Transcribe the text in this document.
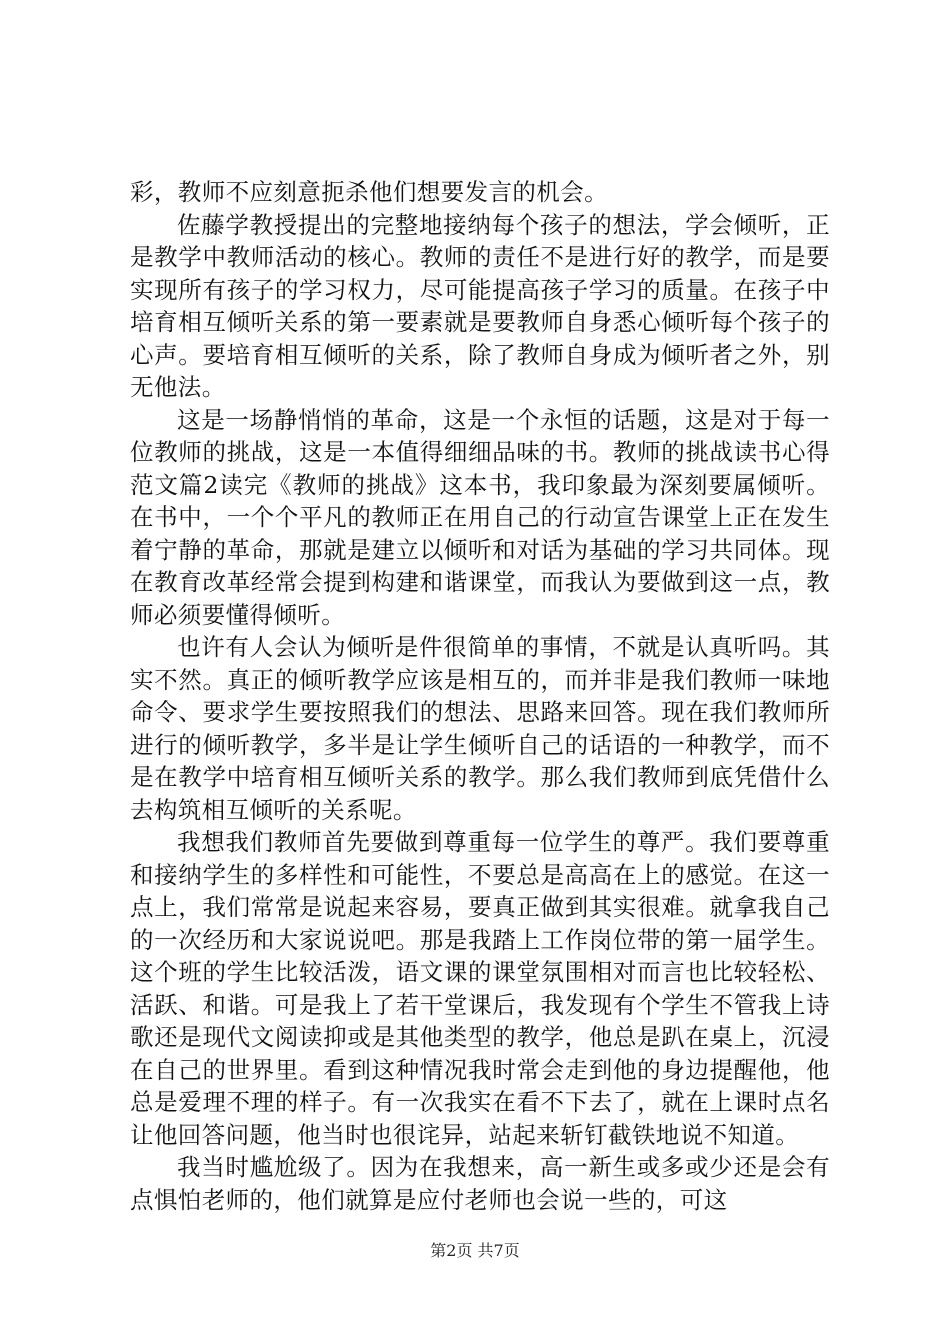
彩，教师不应刻意扼杀他们想要发言的机会。

佐藤学教授提出的完整地接纳每个孩子的想法，学会倾听，正是教学中教师活动的核心。教师的责任不是进行好的教学，而是要实现所有孩子的学习权力，尽可能提高孩子学习的质量。在孩子中培育相互倾听关系的第一要素就是要教师自身悉心倾听每个孩子的心声。要培育相互倾听的关系，除了教师自身成为倾听者之外，别无他法。

这是一场静悄悄的革命，这是一个永恒的话题，这是对于每一位教师的挑战，这是一本值得细细品味的书。教师的挑战读书心得范文篇2读完《教师的挑战》这本书，我印象最为深刻要属倾听。在书中，一个个平凡的教师正在用自己的行动宣告课堂上正在发生着宁静的革命，那就是建立以倾听和对话为基础的学习共同体。现在教育改革经常会提到构建和谐课堂，而我认为要做到这一点，教师必须要懂得倾听。

也许有人会认为倾听是件很简单的事情，不就是认真听吗。其实不然。真正的倾听教学应该是相互的，而并非是我们教师一味地命令、要求学生要按照我们的想法、思路来回答。现在我们教师所进行的倾听教学，多半是让学生倾听自己的话语的一种教学，而不是在教学中培育相互倾听关系的教学。那么我们教师到底凭借什么去构筑相互倾听的关系呢。

我想我们教师首先要做到尊重每一位学生的尊严。我们要尊重和接纳学生的多样性和可能性，不要总是高高在上的感觉。在这一点上，我们常常是说起来容易，要真正做到其实很难。就拿我自己的一次经历和大家说说吧。那是我踏上工作岗位带的第一届学生。这个班的学生比较活泼，语文课的课堂氛围相对而言也比较轻松、活跃、和谐。可是我上了若干堂课后，我发现有个学生不管我上诗歌还是现代文阅读抑或是其他类型的教学，他总是趴在桌上，沉浸在自己的世界里。看到这种情况我时常会走到他的身边提醒他，他总是爱理不理的样子。有一次我实在看不下去了，就在上课时点名让他回答问题，他当时也很诧异，站起来斩钉截铁地说不知道。

我当时尴尬级了。因为在我想来，高一新生或多或少还是会有点惧怕老师的，他们就算是应付老师也会说一些的，可这

第2页 共7页
